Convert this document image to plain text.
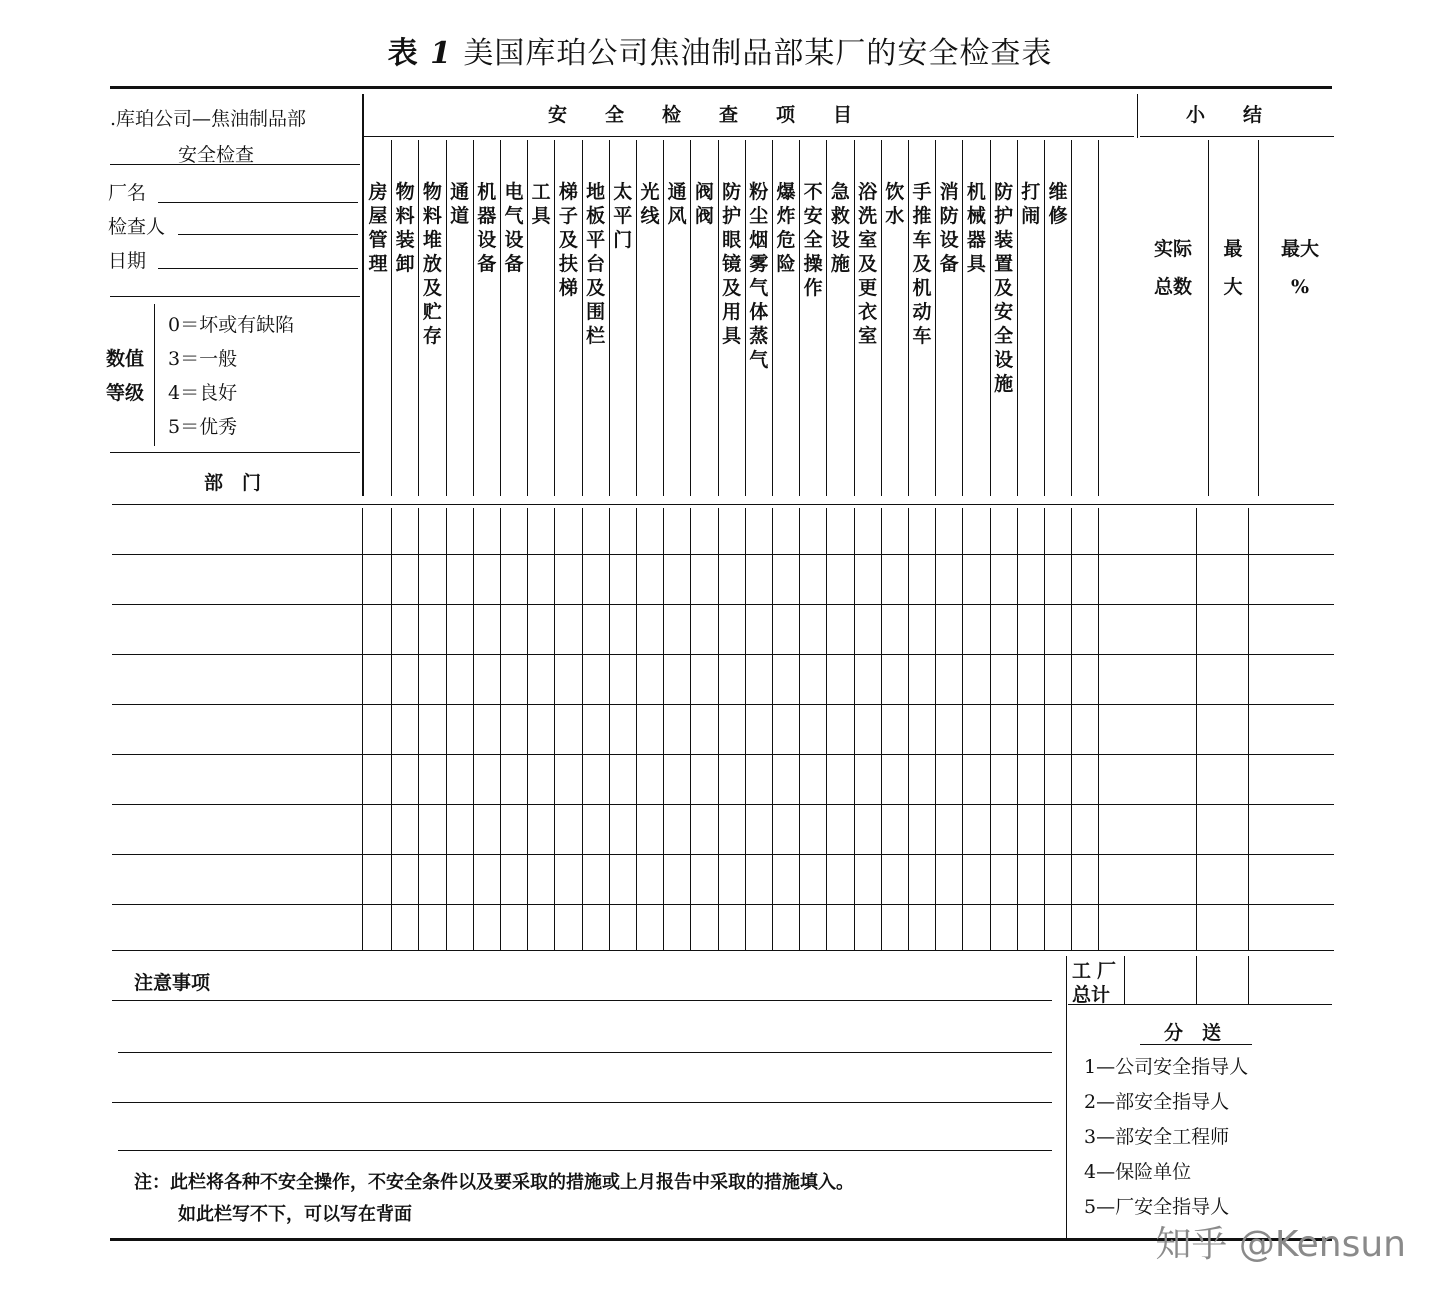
表 1 美国库珀公司焦油制品部某厂的安全检查表
.库珀公司—焦油制品部
安全检查
厂名
检查人
日期
数值
等级
0＝坏或有缺陷
3＝一般
4＝良好
5＝优秀
部　门
安　　全　　检　　查　　项　　目	小　　结
实际
总数
最
大
最大
%
房屋管理
物料装卸
物料堆放及贮存
通道
机器设备
电气设备
工具
梯子及扶梯
地板平台及围栏
太平门
光线
通风
阀阀
防护眼镜及用具
粉尘烟雾气体蒸气
爆炸危险
不安全操作
急救设施
浴洗室及更衣室
饮水
手推车及机动车
消防设备
机械器具
防护装置及安全设施
打闹
维修
注意事项
注：此栏将各种不安全操作，不安全条件以及要采取的措施或上月报告中采取的措施填入。
如此栏写不下，可以写在背面
工厂
总计
分　送
1—公司安全指导人
2—部安全指导人
3—部安全工程师
4—保险单位
5—厂安全指导人
知乎 @Kensun
